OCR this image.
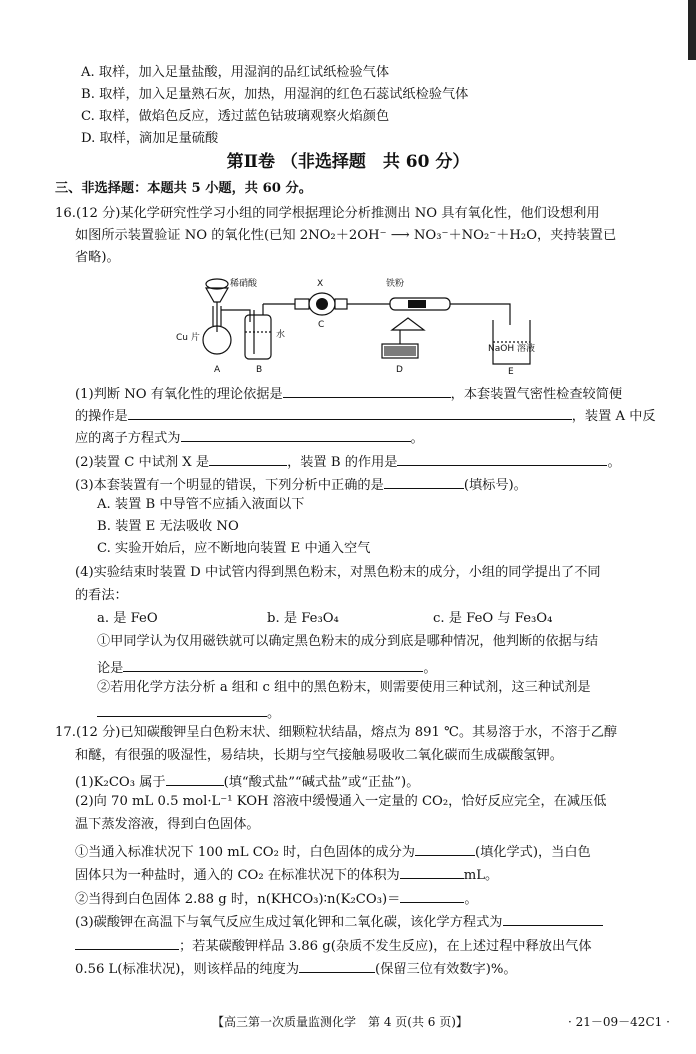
A. 取样，加入足量盐酸，用湿润的品红试纸检验气体
B. 取样，加入足量熟石灰，加热，用湿润的红色石蕊试纸检验气体
C. 取样，做焰色反应，透过蓝色钴玻璃观察火焰颜色
D. 取样，滴加足量硫酸
第Ⅱ卷 （非选择题　共 60 分）
三、非选择题：本题共 5 小题，共 60 分。
16.(12 分)某化学研究性学习小组的同学根据理论分析推测出 NO 具有氧化性，他们设想利用
如图所示装置验证 NO 的氧化性(已知 2NO₂＋2OH⁻ ⟶ NO₃⁻＋NO₂⁻＋H₂O，夹持装置已
省略)。
稀硝酸	X	铁粉
Cu 片	水
NaOH 溶液
A	B
C
D	E
(1)判断 NO 有氧化性的理论依据是	，本套装置气密性检查较简便
的操作是	，装置 A 中反
应的离子方程式为	。
(2)装置 C 中试剂 X 是	，装置 B 的作用是	。
(3)本套装置有一个明显的错误，下列分析中正确的是	(填标号)。
A. 装置 B 中导管不应插入液面以下
B. 装置 E 无法吸收 NO
C. 实验开始后，应不断地向装置 E 中通入空气
(4)实验结束时装置 D 中试管内得到黑色粉末，对黑色粉末的成分，小组的同学提出了不同
的看法：
a. 是 FeO	b. 是 Fe₃O₄	c. 是 FeO 与 Fe₃O₄
①甲同学认为仅用磁铁就可以确定黑色粉末的成分到底是哪种情况，他判断的依据与结
论是	。
②若用化学方法分析 a 组和 c 组中的黑色粉末，则需要使用三种试剂，这三种试剂是
。
17.(12 分)已知碳酸钾呈白色粉末状、细颗粒状结晶，熔点为 891 ℃。其易溶于水，不溶于乙醇
和醚，有很强的吸湿性，易结块，长期与空气接触易吸收二氧化碳而生成碳酸氢钾。
(1)K₂CO₃ 属于	(填“酸式盐”“碱式盐”或“正盐”)。
(2)向 70 mL 0.5 mol·L⁻¹ KOH 溶液中缓慢通入一定量的 CO₂，恰好反应完全，在减压低
温下蒸发溶液，得到白色固体。
①当通入标准状况下 100 mL CO₂ 时，白色固体的成分为	(填化学式)，当白色
固体只为一种盐时，通入的 CO₂ 在标准状况下的体积为	mL。
②当得到白色固体 2.88 g 时，n(KHCO₃)∶n(K₂CO₃)＝	。
(3)碳酸钾在高温下与氧气反应生成过氧化钾和二氧化碳，该化学方程式为
；若某碳酸钾样品 3.86 g(杂质不发生反应)，在上述过程中释放出气体
0.56 L(标准状况)，则该样品的纯度为	(保留三位有效数字)%。
【高三第一次质量监测化学　第 4 页(共 6 页)】	· 21－09－42C1 ·
